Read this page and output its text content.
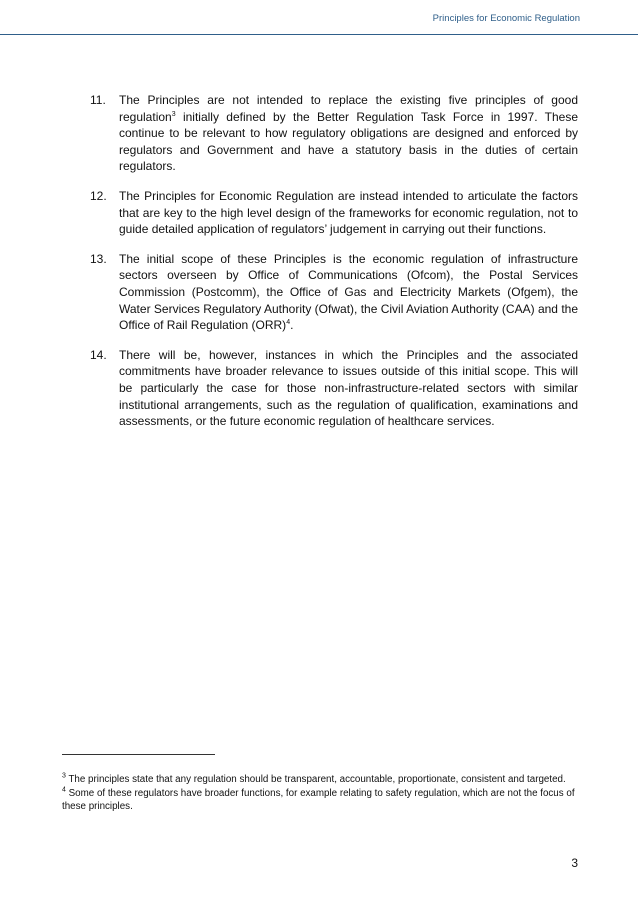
Principles for Economic Regulation
11.	The Principles are not intended to replace the existing five principles of good regulation$^3$ initially defined by the Better Regulation Task Force in 1997. These continue to be relevant to how regulatory obligations are designed and enforced by regulators and Government and have a statutory basis in the duties of certain regulators.
12.	The Principles for Economic Regulation are instead intended to articulate the factors that are key to the high level design of the frameworks for economic regulation, not to guide detailed application of regulators’ judgement in carrying out their functions.
13.	The initial scope of these Principles is the economic regulation of infrastructure sectors overseen by Office of Communications (Ofcom), the Postal Services Commission (Postcomm), the Office of Gas and Electricity Markets (Ofgem), the Water Services Regulatory Authority (Ofwat), the Civil Aviation Authority (CAA) and the Office of Rail Regulation (ORR)$^4$.
14.	There will be, however, instances in which the Principles and the associated commitments have broader relevance to issues outside of this initial scope. This will be particularly the case for those non-infrastructure-related sectors with similar institutional arrangements, such as the regulation of qualification, examinations and assessments, or the future economic regulation of healthcare services.

$^3$ The principles state that any regulation should be transparent, accountable, proportionate, consistent and targeted.

$^4$ Some of these regulators have broader functions, for example relating to safety regulation, which are not the focus of these principles.

3
